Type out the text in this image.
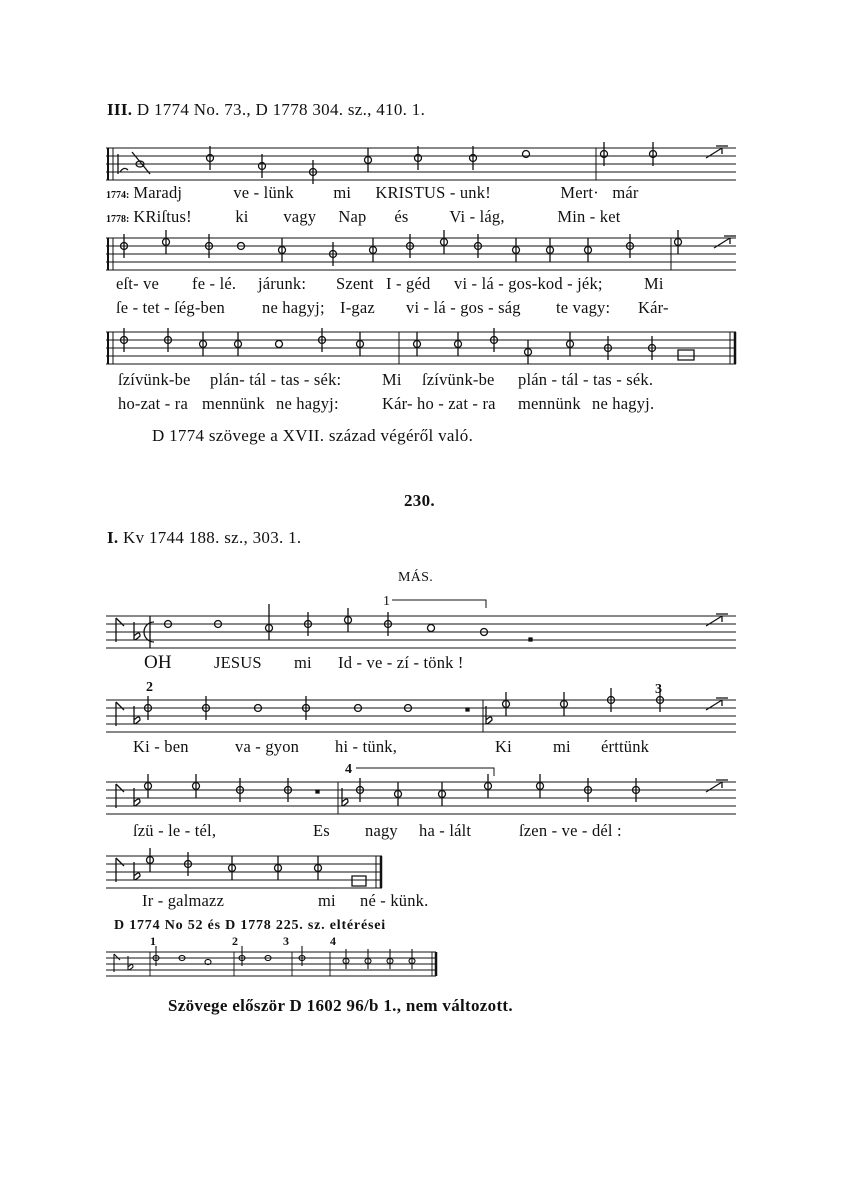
III. D 1774 No. 73., D 1778 304. sz., 410. 1.
1774: Maradj	ve - lünk	mi	KRISTUS - unk!	Mert· már
1778: KRiſtus!	ki	vagy	Nap	és	Vi - lág,	Min - ket
eſt- ve	fe - lé.	járunk:	Szent I - géd	vi - lá - gos-kod - jék;	Mi
ſe - tet - ſég-ben	ne hagyj; I-gaz	vi - lá - gos - ság	te vagy:	Kár-
ſzívünk-be	plán- tál - tas - sék:	Mi	ſzívünk-be	plán - tál - tas - sék.
ho-zat - ra mennünk ne hagyj:	Kár- ho - zat - ra	mennünk ne hagyj.
D 1774 szövege a XVII. század végéről való.
230.
I. Kv 1744 188. sz., 303. 1.
MÁS.
1
OH	JESUS	mi	Id - ve - zí - tönk !
2	3
Ki - ben	va - gyon	hi - tünk,	Ki	mi	érttünk
4
ſzü - le - tél,	Es	nagy	ha - lált	ſzen - ve - dél :
Ir - galmazz	mi	né - künk.
D 1774 No 52 és D 1778 225. sz. eltérései
1	2	3	4
Szövege először D 1602 96/b 1., nem változott.
